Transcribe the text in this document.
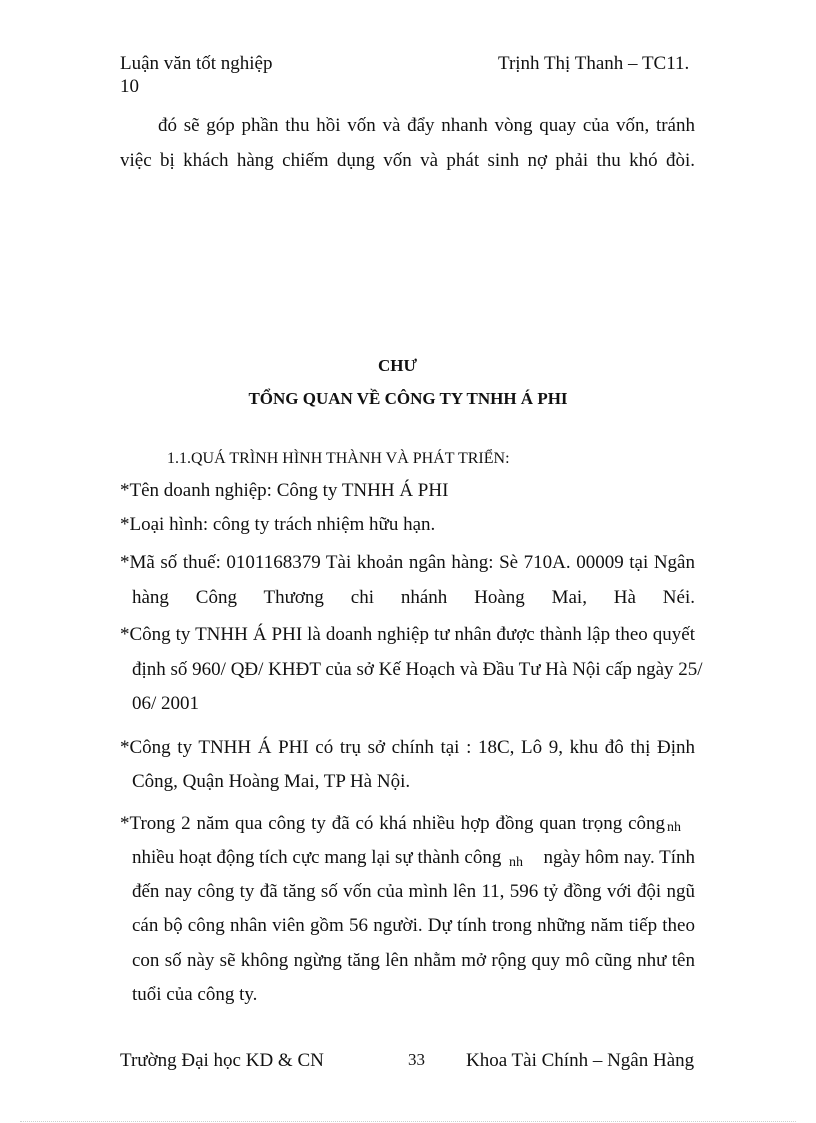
Luận văn tốt nghiệp	Trịnh Thị Thanh – TC11.
10
đó sẽ góp phần thu hồi vốn và đẩy nhanh vòng quay của vốn, tránh
việc bị khách hàng chiếm dụng vốn và phát sinh nợ phải thu khó đòi.
CHƯ
TỔNG QUAN VỀ CÔNG TY TNHH Á PHI
1.1.QUÁ TRÌNH HÌNH THÀNH VÀ PHÁT TRIỂN:
*Tên doanh nghiệp: Công ty TNHH Á PHI
*Loại hình: công ty trách nhiệm hữu hạn.
*Mã số thuế: 0101168379 Tài khoản ngân hàng: Sè 710A. 00009 tại Ngân
hàng Công Thương chi nhánh Hoàng Mai, Hà Néi.
*Công ty TNHH Á PHI là doanh nghiệp tư nhân được thành lập theo quyết
định số 960/ QĐ/ KHĐT của sở Kế Hoạch và Đầu Tư Hà Nội cấp ngày 25/
06/ 2001
*Công ty TNHH Á PHI có trụ sở chính tại : 18C, Lô 9, khu đô thị Định
Công, Quận Hoàng Mai, TP Hà Nội.
*Trong 2 năm qua công ty đã có khá nhiều hợp đồng quan trọng công nh
nhiều hoạt động tích cực mang lại sự thành công nh ngày hôm nay. Tính
đến nay công ty đã tăng số vốn của mình lên 11, 596 tỷ đồng với đội ngũ
cán bộ công nhân viên gồm 56 người. Dự tính trong những năm tiếp theo
con số này sẽ không ngừng tăng lên nhằm mở rộng quy mô cũng như tên
tuổi của công ty.
Trường Đại học KD & CN	33 Khoa Tài Chính – Ngân Hàng
